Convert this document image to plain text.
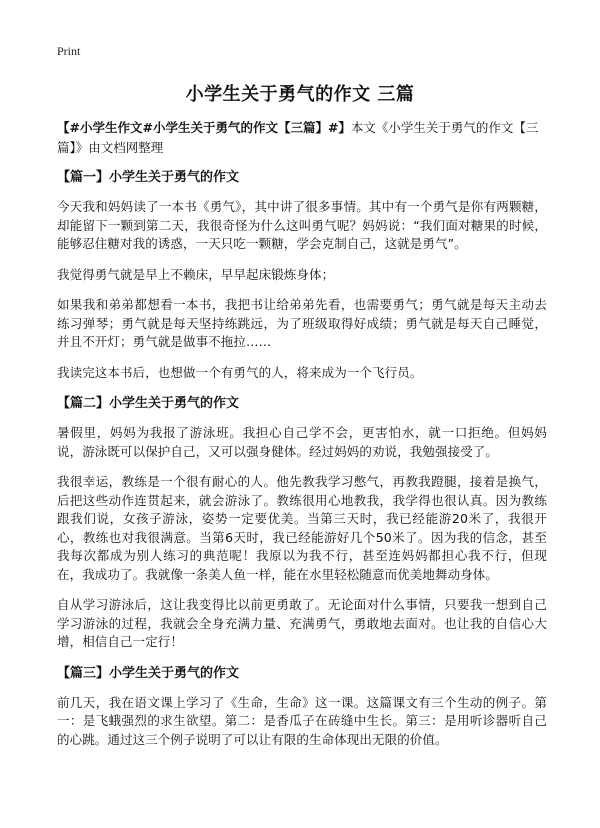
Print
小学生关于勇气的作文 三篇

【#小学生作文#小学生关于勇气的作文【三篇】#】本文《小学生关于勇气的作文【三篇】》由文档网整理

【篇一】小学生关于勇气的作文

今天我和妈妈读了一本书《勇气》，其中讲了很多事情。其中有一个勇气是你有两颗糖，却能留下一颗到第二天，我很奇怪为什么这叫勇气呢？妈妈说：“我们面对糖果的时候，能够忍住糖对我的诱惑，一天只吃一颗糖，学会克制自己，这就是勇气”。

我觉得勇气就是早上不赖床，早早起床锻炼身体；

如果我和弟弟都想看一本书，我把书让给弟弟先看，也需要勇气；勇气就是每天主动去练习弹琴；勇气就是每天坚持练跳远，为了班级取得好成绩；勇气就是每天自己睡觉，并且不开灯；勇气就是做事不拖拉……

我读完这本书后，也想做一个有勇气的人，将来成为一个飞行员。

【篇二】小学生关于勇气的作文

暑假里，妈妈为我报了游泳班。我担心自己学不会，更害怕水，就一口拒绝。但妈妈说，游泳既可以保护自己，又可以强身健体。经过妈妈的劝说，我勉强接受了。

我很幸运，教练是一个很有耐心的人。他先教我学习憋气，再教我蹬腿，接着是换气，后把这些动作连贯起来，就会游泳了。教练很用心地教我，我学得也很认真。因为教练跟我们说，女孩子游泳，姿势一定要优美。当第三天时，我已经能游20米了，我很开心，教练也对我很满意。当第6天时，我已经能游好几个50米了。因为我的信念，甚至我每次都成为别人练习的典范呢！我原以为我不行，甚至连妈妈都担心我不行，但现在，我成功了。我就像一条美人鱼一样，能在水里轻松随意而优美地舞动身体。

自从学习游泳后，这让我变得比以前更勇敢了。无论面对什么事情，只要我一想到自己学习游泳的过程，我就会全身充满力量、充满勇气，勇敢地去面对。也让我的自信心大增，相信自己一定行！

【篇三】小学生关于勇气的作文

前几天，我在语文课上学习了《生命，生命》这一课。这篇课文有三个生动的例子。第一：是飞蛾强烈的求生欲望。第二：是香瓜子在砖缝中生长。第三：是用听诊器听自己的心跳。通过这三个例子说明了可以让有限的生命体现出无限的价值。
